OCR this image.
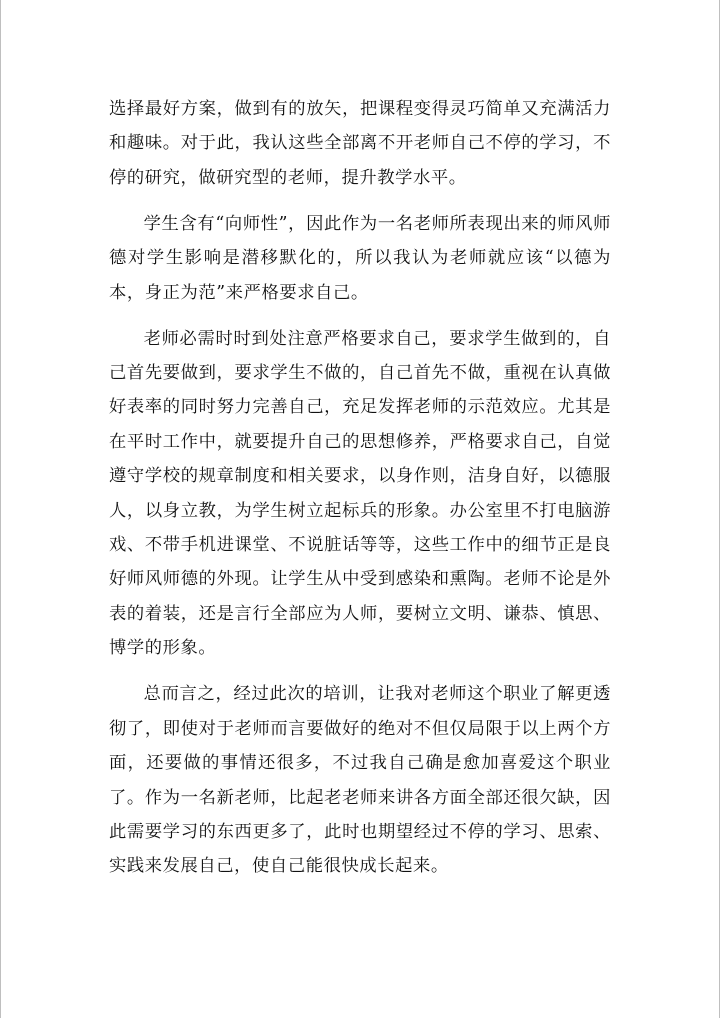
选择最好方案，做到有的放矢，把课程变得灵巧简单又充满活力和趣味。对于此，我认这些全部离不开老师自己不停的学习，不停的研究，做研究型的老师，提升教学水平。

学生含有“向师性”，因此作为一名老师所表现出来的师风师德对学生影响是潜移默化的，所以我认为老师就应该“以德为本，身正为范”来严格要求自己。

老师必需时时到处注意严格要求自己，要求学生做到的，自己首先要做到，要求学生不做的，自己首先不做，重视在认真做好表率的同时努力完善自己，充足发挥老师的示范效应。尤其是在平时工作中，就要提升自己的思想修养，严格要求自己，自觉遵守学校的规章制度和相关要求，以身作则，洁身自好，以德服人，以身立教，为学生树立起标兵的形象。办公室里不打电脑游戏、不带手机进课堂、不说脏话等等，这些工作中的细节正是良好师风师德的外现。让学生从中受到感染和熏陶。老师不论是外表的着装，还是言行全部应为人师，要树立文明、谦恭、慎思、博学的形象。

总而言之，经过此次的培训，让我对老师这个职业了解更透彻了，即使对于老师而言要做好的绝对不但仅局限于以上两个方面，还要做的事情还很多，不过我自己确是愈加喜爱这个职业了。作为一名新老师，比起老老师来讲各方面全部还很欠缺，因此需要学习的东西更多了，此时也期望经过不停的学习、思索、实践来发展自己，使自己能很快成长起来。
